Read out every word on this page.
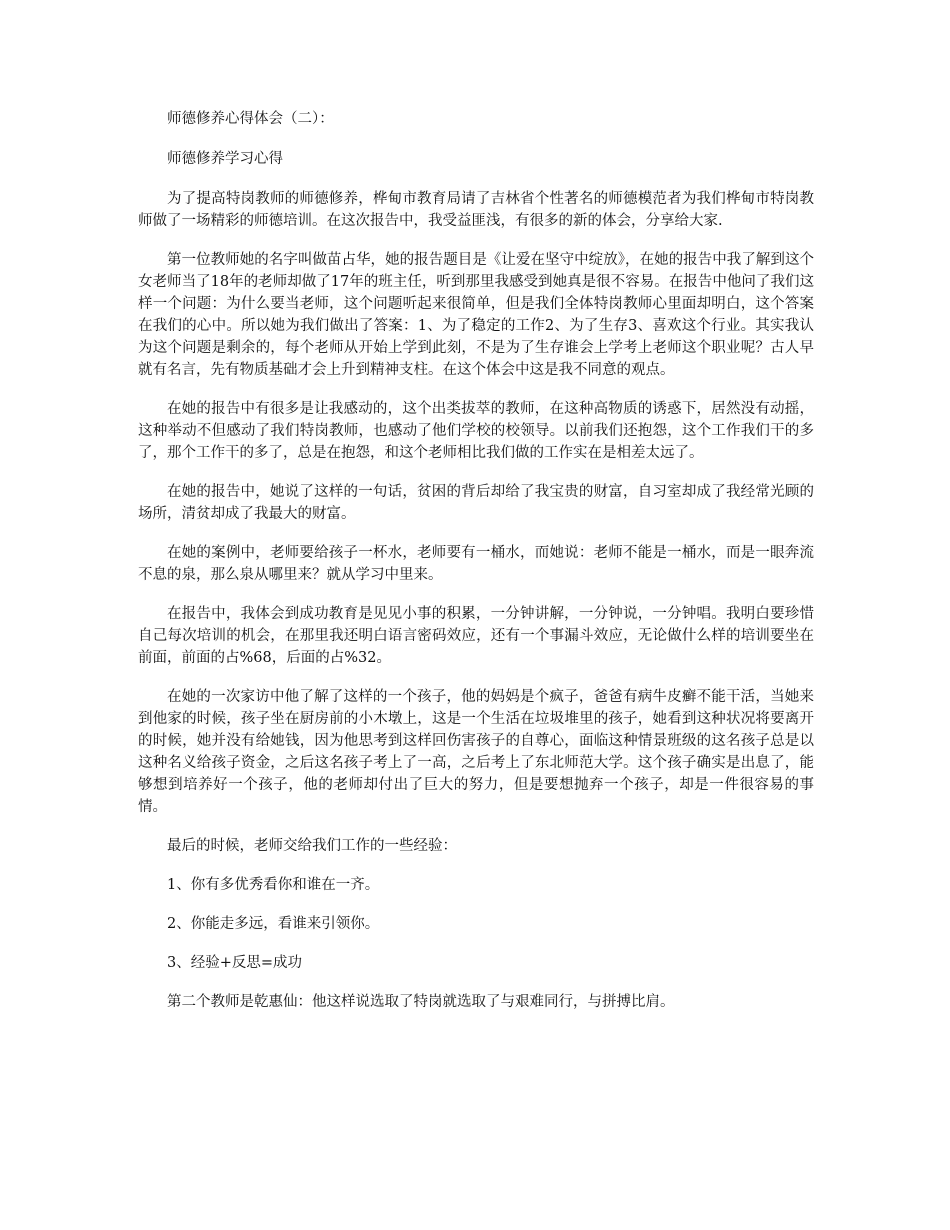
师德修养心得体会（二）：

师德修养学习心得

为了提高特岗教师的师德修养，桦甸市教育局请了吉林省个性著名的师德模范者为我们桦甸市特岗教师做了一场精彩的师德培训。在这次报告中，我受益匪浅，有很多的新的体会，分享给大家.

第一位教师她的名字叫做苗占华，她的报告题目是《让爱在坚守中绽放》，在她的报告中我了解到这个女老师当了18年的老师却做了17年的班主任，听到那里我感受到她真是很不容易。在报告中他问了我们这样一个问题：为什么要当老师，这个问题听起来很简单，但是我们全体特岗教师心里面却明白，这个答案在我们的心中。所以她为我们做出了答案：1、为了稳定的工作2、为了生存3、喜欢这个行业。其实我认为这个问题是剩余的，每个老师从开始上学到此刻，不是为了生存谁会上学考上老师这个职业呢？古人早就有名言，先有物质基础才会上升到精神支柱。在这个体会中这是我不同意的观点。

在她的报告中有很多是让我感动的，这个出类拔萃的教师，在这种高物质的诱惑下，居然没有动摇，这种举动不但感动了我们特岗教师，也感动了他们学校的校领导。以前我们还抱怨，这个工作我们干的多了，那个工作干的多了，总是在抱怨，和这个老师相比我们做的工作实在是相差太远了。

在她的报告中，她说了这样的一句话，贫困的背后却给了我宝贵的财富，自习室却成了我经常光顾的场所，清贫却成了我最大的财富。

在她的案例中，老师要给孩子一杯水，老师要有一桶水，而她说：老师不能是一桶水，而是一眼奔流不息的泉，那么泉从哪里来？就从学习中里来。

在报告中，我体会到成功教育是见见小事的积累，一分钟讲解，一分钟说，一分钟唱。我明白要珍惜自己每次培训的机会，在那里我还明白语言密码效应，还有一个事漏斗效应，无论做什么样的培训要坐在前面，前面的占%68，后面的占%32。

在她的一次家访中他了解了这样的一个孩子，他的妈妈是个疯子，爸爸有病牛皮癣不能干活，当她来到他家的时候，孩子坐在厨房前的小木墩上，这是一个生活在垃圾堆里的孩子，她看到这种状况将要离开的时候，她并没有给她钱，因为他思考到这样回伤害孩子的自尊心，面临这种情景班级的这名孩子总是以这种名义给孩子资金，之后这名孩子考上了一高，之后考上了东北师范大学。这个孩子确实是出息了，能够想到培养好一个孩子，他的老师却付出了巨大的努力，但是要想抛弃一个孩子，却是一件很容易的事情。

最后的时候，老师交给我们工作的一些经验：

1、你有多优秀看你和谁在一齐。

2、你能走多远，看谁来引领你。

3、经验+反思=成功

第二个教师是乾惠仙：他这样说选取了特岗就选取了与艰难同行，与拼搏比肩。
